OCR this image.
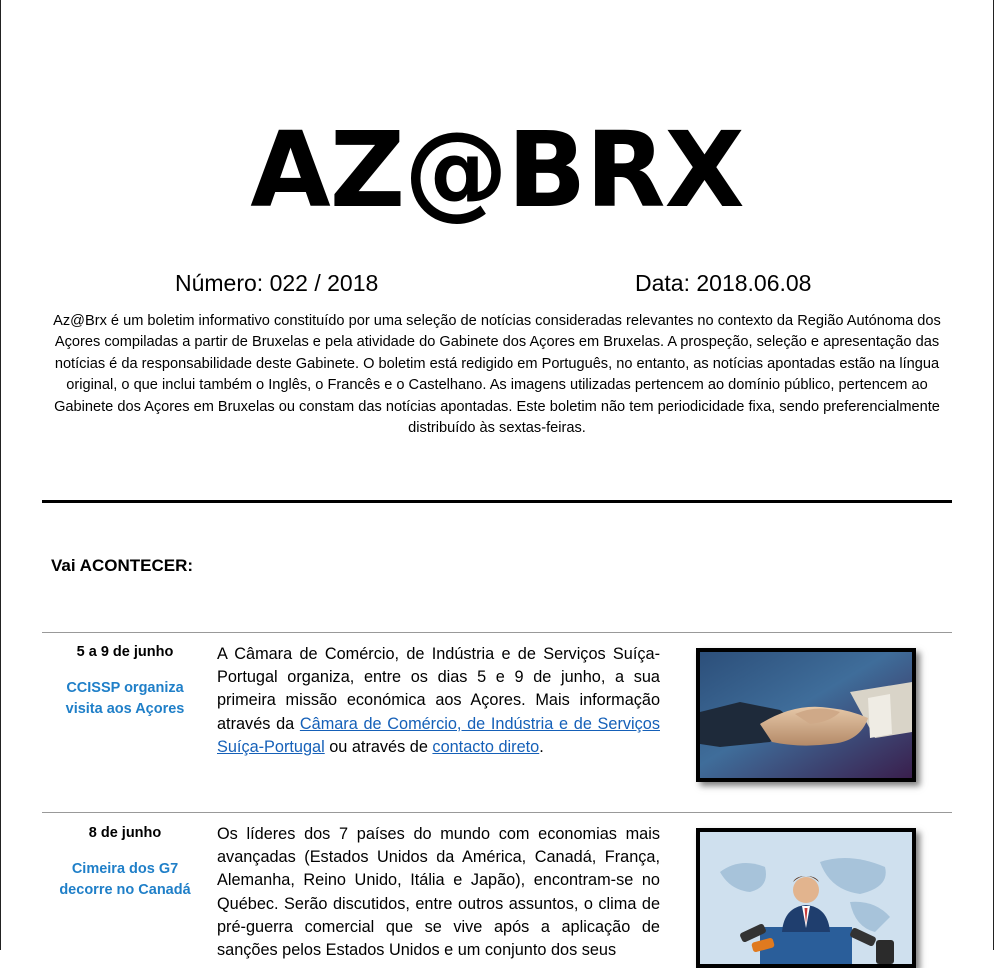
AZ@BRX
Número: 022 / 2018	Data: 2018.06.08
Az@Brx é um boletim informativo constituído por uma seleção de notícias consideradas relevantes no contexto da Região Autónoma dos Açores compiladas a partir de Bruxelas e pela atividade do Gabinete dos Açores em Bruxelas. A prospeção, seleção e apresentação das notícias é da responsabilidade deste Gabinete. O boletim está redigido em Português, no entanto, as notícias apontadas estão na língua original, o que inclui também o Inglês, o Francês e o Castelhano. As imagens utilizadas pertencem ao domínio público, pertencem ao Gabinete dos Açores em Bruxelas ou constam das notícias apontadas. Este boletim não tem periodicidade fixa, sendo preferencialmente distribuído às sextas-feiras.
Vai ACONTECER:
5 a 9 de junho
CCISSP organiza visita aos Açores
A Câmara de Comércio, de Indústria e de Serviços Suíça-Portugal organiza, entre os dias 5 e 9 de junho, a sua primeira missão económica aos Açores. Mais informação através da Câmara de Comércio, de Indústria e de Serviços Suíça-Portugal ou através de contacto direto.
8 de junho
Cimeira dos G7 decorre no Canadá
Os líderes dos 7 países do mundo com economias mais avançadas (Estados Unidos da América, Canadá, França, Alemanha, Reino Unido, Itália e Japão), encontram-se no Québec. Serão discutidos, entre outros assuntos, o clima de pré-guerra comercial que se vive após a aplicação de sanções pelos Estados Unidos e um conjunto dos seus
